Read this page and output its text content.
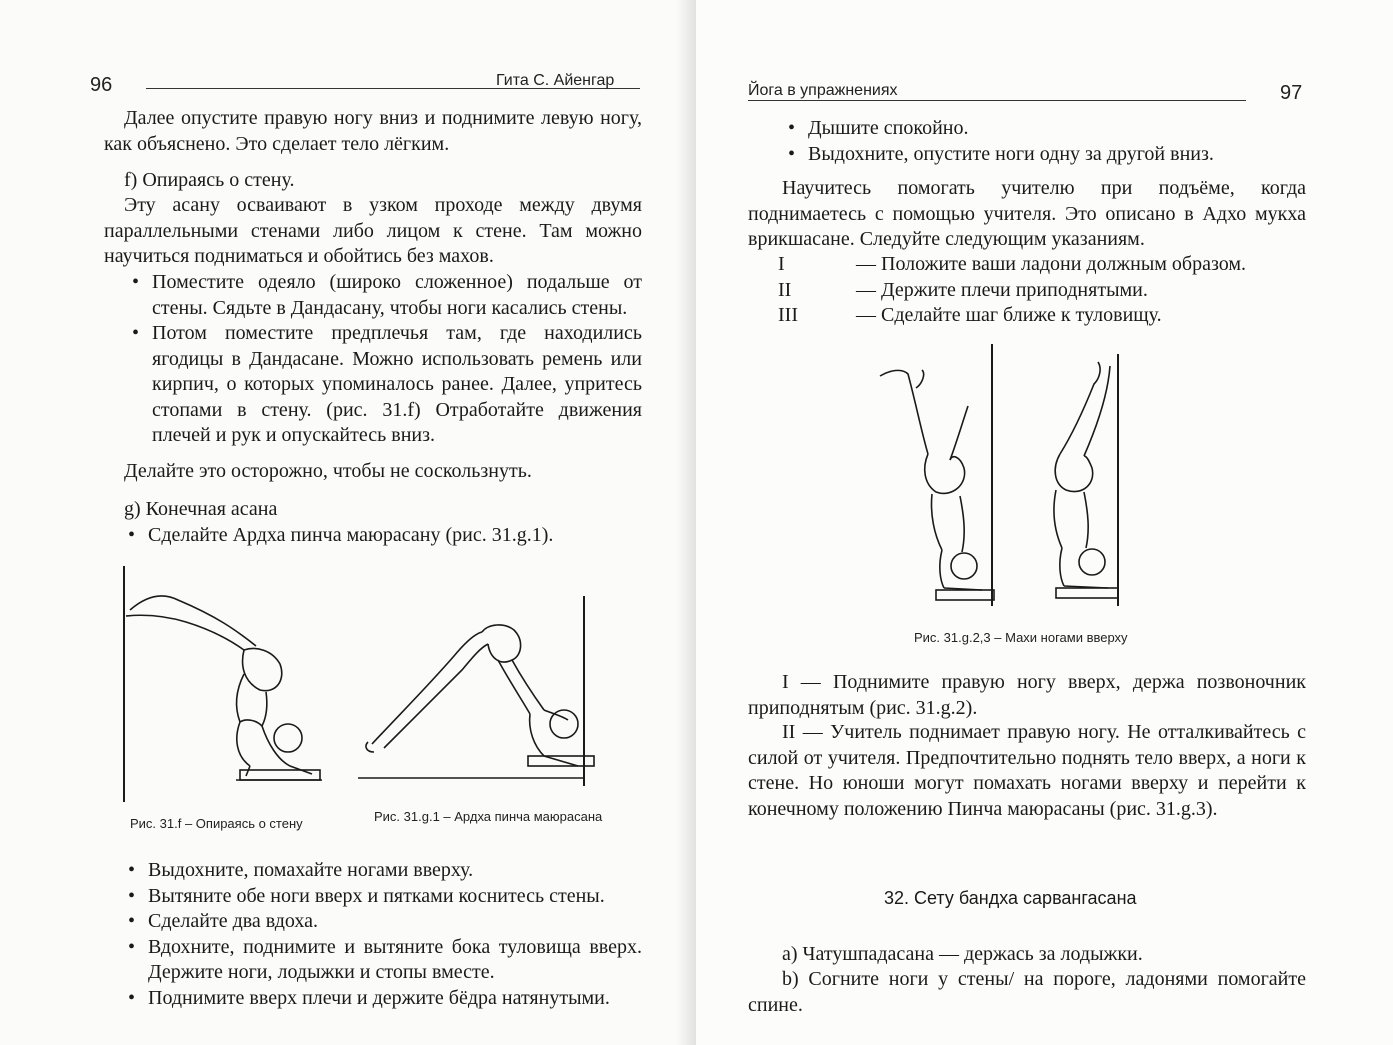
96	Гита С. Айенгар
Далее опустите правую ногу вниз и поднимите левую ногу, как объяснено. Это сделает тело лёгким.
f) Опираясь о стену.
Эту асану осваивают в узком проходе между двумя параллельными стенами либо лицом к стене. Там можно научиться подниматься и обойтись без махов.
• Поместите одеяло (широко сложенное) подальше от стены. Сядьте в Дандасану, чтобы ноги касались стены.
• Потом поместите предплечья там, где находились ягодицы в Дандасане. Можно использовать ремень или кирпич, о которых упоминалось ранее. Далее, упритесь стопами в стену. (рис. 31.f) Отработайте движения плечей и рук и опускайтесь вниз.
Делайте это осторожно, чтобы не соскользнуть.
g) Конечная асана
• Сделайте Ардха пинча маюрасану (рис. 31.g.1).
Рис. 31.f – Опираясь о стену	Рис. 31.g.1 – Ардха пинча маюрасана
• Выдохните, помахайте ногами вверху.
• Вытяните обе ноги вверх и пятками коснитесь стены.
• Сделайте два вдоха.
• Вдохните, поднимите и вытяните бока туловища вверх. Держите ноги, лодыжки и стопы вместе.
• Поднимите вверх плечи и держите бёдра натянутыми.
Йога в упражнениях	97
• Дышите спокойно.
• Выдохните, опустите ноги одну за другой вниз.
Научитесь помогать учителю при подъёме, когда поднимаетесь с помощью учителя. Это описано в Адхо мукха врикшасане. Следуйте следующим указаниям.
I	— Положите ваши ладони должным образом.
II	— Держите плечи приподнятыми.
III	— Сделайте шаг ближе к туловищу.
Рис. 31.g.2,3 – Махи ногами вверху
I — Поднимите правую ногу вверх, держа позвоночник приподнятым (рис. 31.g.2).
II — Учитель поднимает правую ногу. Не отталкивайтесь с силой от учителя. Предпочтительно поднять тело вверх, а ноги к стене. Но юноши могут помахать ногами вверху и перейти к конечному положению Пинча маюрасаны (рис. 31.g.3).
32. Сету бандха сарвангасана
a) Чатушпадасана — держась за лодыжки.
b) Согните ноги у стены/ на пороге, ладонями помогайте спине.
